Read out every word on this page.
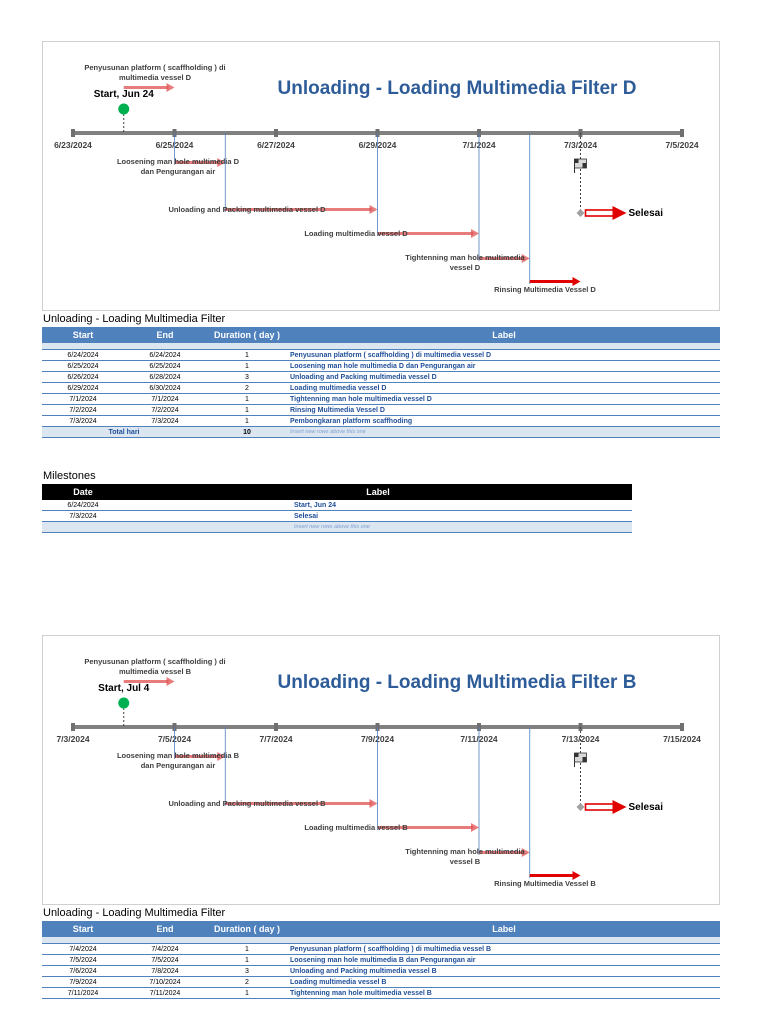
Unloading - Loading Multimedia Filter D
6/23/2024	6/25/2024	6/27/2024	6/29/2024	7/1/2024	7/3/2024	7/5/2024
Penyusunan platform ( scaffholding ) di
multimedia vessel D
Loosening man hole multimedia D
dan Pengurangan air
Unloading and Packing multimedia vessel D
Loading multimedia vessel D
Tightenning man hole multimedia
vessel D
Rinsing Multimedia Vessel D
Start, Jun 24
Selesai
Unloading - Loading Multimedia Filter
Start	End	Duration ( day )	Label

6/24/2024	6/24/2024	1	Penyusunan platform ( scaffholding ) di multimedia vessel D
6/25/2024	6/25/2024	1	Loosening man hole multimedia D dan Pengurangan air
6/26/2024	6/28/2024	3	Unloading and Packing multimedia vessel D
6/29/2024	6/30/2024	2	Loading multimedia vessel D
7/1/2024	7/1/2024	1	Tightenning man hole multimedia vessel D
7/2/2024	7/2/2024	1	Rinsing Multimedia Vessel D
7/3/2024	7/3/2024	1	Pembongkaran platform scaffhoding
Total hari		10	Insert new rows above this one
Milestones
Date	Label
6/24/2024	Start, Jun 24
7/3/2024	Selesai
	Insert new rows above this one
Unloading - Loading Multimedia Filter B
7/3/2024	7/5/2024	7/7/2024	7/9/2024	7/11/2024	7/13/2024	7/15/2024
Penyusunan platform ( scaffholding ) di
multimedia vessel B
Loosening man hole multimedia B
dan Pengurangan air
Unloading and Packing multimedia vessel B
Loading multimedia vessel B
Tightenning man hole multimedia
vessel B
Rinsing Multimedia Vessel B
Start, Jul 4
Selesai
Unloading - Loading Multimedia Filter
Start	End	Duration ( day )	Label

7/4/2024	7/4/2024	1	Penyusunan platform ( scaffholding ) di multimedia vessel B
7/5/2024	7/5/2024	1	Loosening man hole multimedia B dan Pengurangan air
7/6/2024	7/8/2024	3	Unloading and Packing multimedia vessel B
7/9/2024	7/10/2024	2	Loading multimedia vessel B
7/11/2024	7/11/2024	1	Tightenning man hole multimedia vessel B
